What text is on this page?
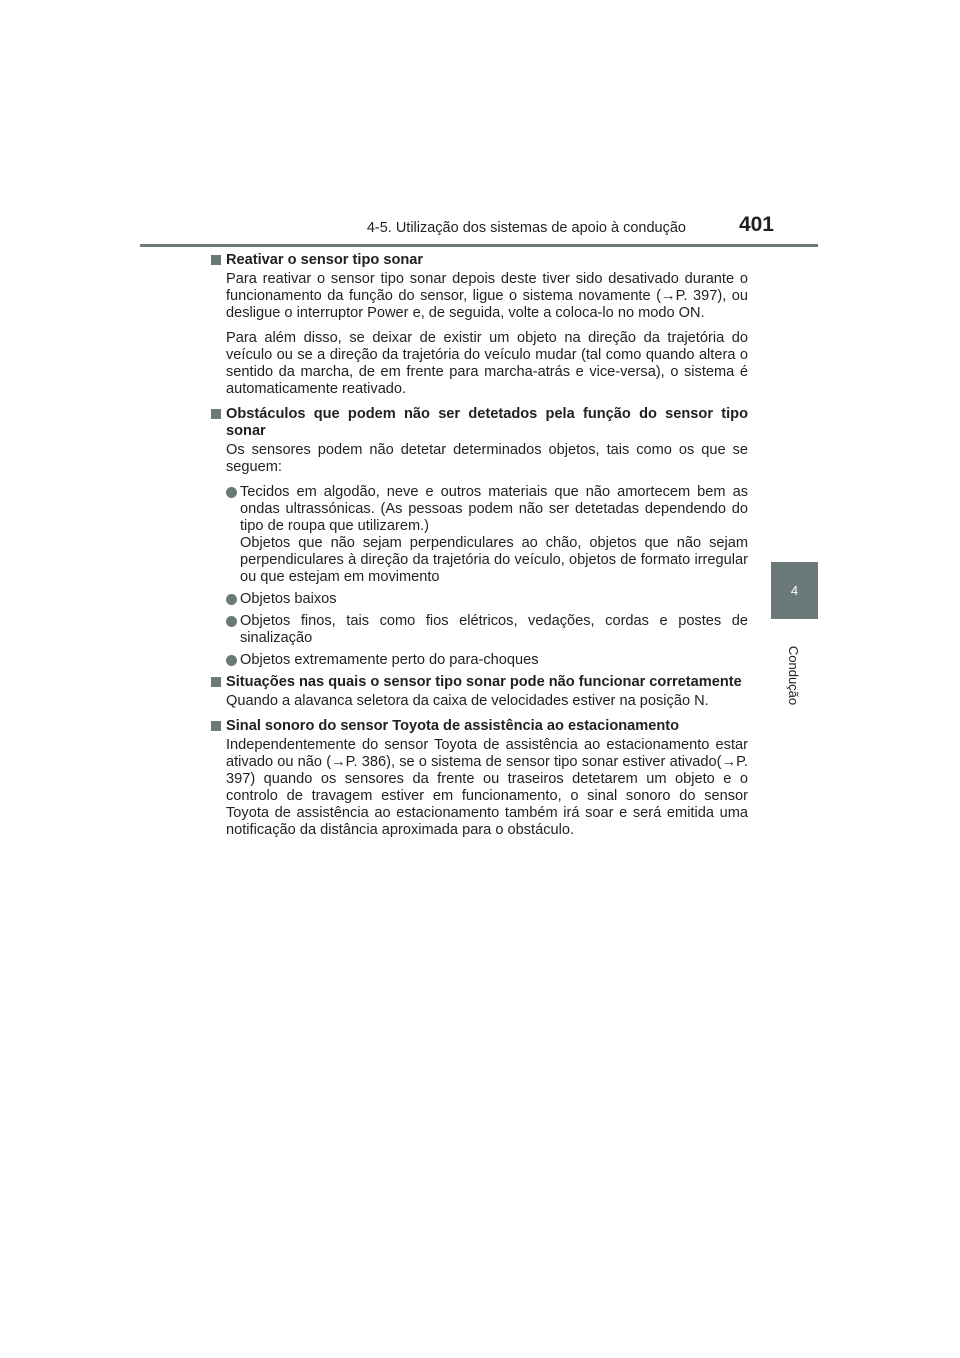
4-5. Utilização dos sistemas de apoio à condução	401
4
Condução
Reativar o sensor tipo sonar

Para reativar o sensor tipo sonar depois deste tiver sido desativado durante o funcionamento da função do sensor, ligue o sistema novamente (→P. 397), ou desligue o interruptor Power e, de seguida, volte a coloca-lo no modo ON.

Para além disso, se deixar de existir um objeto na direção da trajetória do veículo ou se a direção da trajetória do veículo mudar (tal como quando altera o sentido da marcha, de em frente para marcha-atrás e vice-versa), o sistema é automaticamente reativado.

Obstáculos que podem não ser detetados pela função do sensor tipo sonar

Os sensores podem não detetar determinados objetos, tais como os que se seguem:

Tecidos em algodão, neve e outros materiais que não amortecem bem as ondas ultrassónicas. (As pessoas podem não ser detetadas dependendo do tipo de roupa que utilizarem.)
Objetos que não sejam perpendiculares ao chão, objetos que não sejam perpendiculares à direção da trajetória do veículo, objetos de formato irregular ou que estejam em movimento
Objetos baixos
Objetos finos, tais como fios elétricos, vedações, cordas e postes de sinalização
Objetos extremamente perto do para-choques
Situações nas quais o sensor tipo sonar pode não funcionar corretamente

Quando a alavanca seletora da caixa de velocidades estiver na posição N.

Sinal sonoro do sensor Toyota de assistência ao estacionamento

Independentemente do sensor Toyota de assistência ao estacionamento estar ativado ou não (→P. 386), se o sistema de sensor tipo sonar estiver ativado(→P. 397) quando os sensores da frente ou traseiros detetarem um objeto e o controlo de travagem estiver em funcionamento, o sinal sonoro do sensor Toyota de assistência ao estacionamento também irá soar e será emitida uma notificação da distância aproximada para o obstáculo.
